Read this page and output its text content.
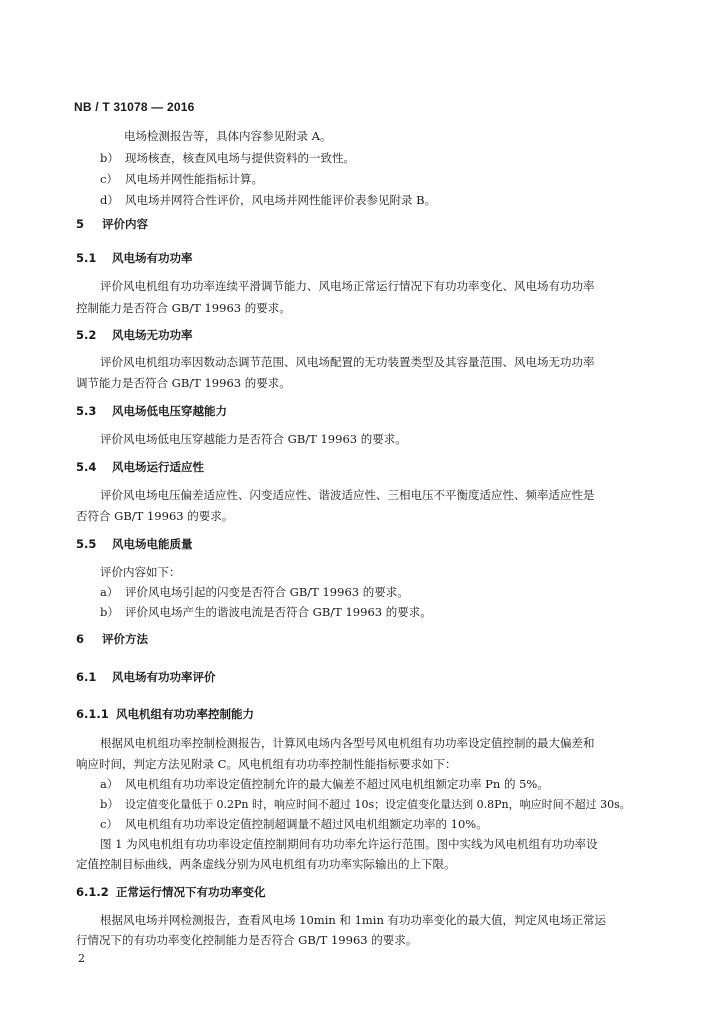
NB / T 31078 — 2016
电场检测报告等，具体内容参见附录 A。
b） 现场核查，核查风电场与提供资料的一致性。
c） 风电场并网性能指标计算。
d） 风电场并网符合性评价，风电场并网性能评价表参见附录 B。
5 评价内容
5.1 风电场有功功率
评价风电机组有功功率连续平滑调节能力、风电场正常运行情况下有功功率变化、风电场有功功率
控制能力是否符合 GB/T 19963 的要求。
5.2 风电场无功功率
评价风电机组功率因数动态调节范围、风电场配置的无功装置类型及其容量范围、风电场无功功率
调节能力是否符合 GB/T 19963 的要求。
5.3 风电场低电压穿越能力
评价风电场低电压穿越能力是否符合 GB/T 19963 的要求。
5.4 风电场运行适应性
评价风电场电压偏差适应性、闪变适应性、谐波适应性、三相电压不平衡度适应性、频率适应性是
否符合 GB/T 19963 的要求。
5.5 风电场电能质量
评价内容如下：
a） 评价风电场引起的闪变是否符合 GB/T 19963 的要求。
b） 评价风电场产生的谐波电流是否符合 GB/T 19963 的要求。
6 评价方法
6.1 风电场有功功率评价
6.1.1 风电机组有功功率控制能力
根据风电机组功率控制检测报告，计算风电场内各型号风电机组有功功率设定值控制的最大偏差和
响应时间，判定方法见附录 C。风电机组有功功率控制性能指标要求如下：
a） 风电机组有功功率设定值控制允许的最大偏差不超过风电机组额定功率 Pn 的 5%。
b） 设定值变化量低于 0.2Pn 时，响应时间不超过 10s；设定值变化量达到 0.8Pn，响应时间不超过 30s。
c） 风电机组有功功率设定值控制超调量不超过风电机组额定功率的 10%。
图 1 为风电机组有功功率设定值控制期间有功功率允许运行范围。图中实线为风电机组有功功率设
定值控制目标曲线，两条虚线分别为风电机组有功功率实际输出的上下限。
6.1.2 正常运行情况下有功功率变化
根据风电场并网检测报告，查看风电场 10min 和 1min 有功功率变化的最大值，判定风电场正常运
行情况下的有功功率变化控制能力是否符合 GB/T 19963 的要求。
2
